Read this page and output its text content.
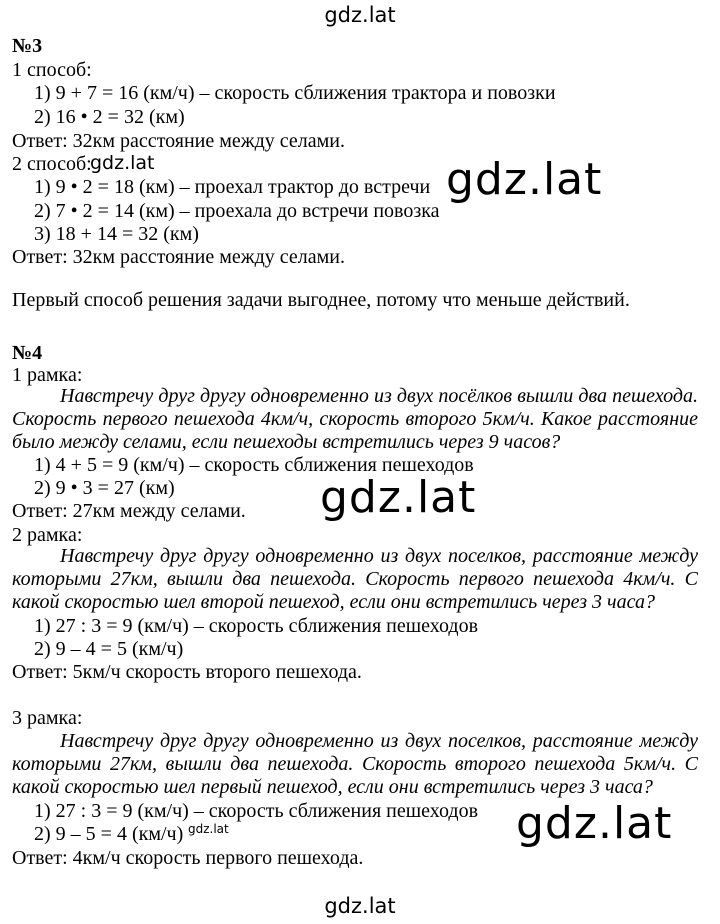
gdz.lat
№3
1 способ:
1) 9 + 7 = 16 (км/ч) – скорость сближения трактора и повозки
2) 16 • 2 = 32 (км)
Ответ: 32км расстояние между селами.
2 способ:
1) 9 • 2 = 18 (км) – проехал трактор до встречи
2) 7 • 2 = 14 (км) – проехала до встречи повозка
3) 18 + 14 = 32 (км)
Ответ: 32км расстояние между селами.
Первый способ решения задачи выгоднее, потому что меньше действий.
№4
1 рамка:
Навстречу друг другу одновременно из двух посёлков вышли два пешехода. Скорость первого пешехода 4км/ч, скорость второго 5км/ч. Какое расстояние было между селами, если пешеходы встретились через 9 часов?
1) 4 + 5 = 9 (км/ч) – скорость сближения пешеходов
2) 9 • 3 = 27 (км)
Ответ: 27км между селами.
2 рамка:
Навстречу друг другу одновременно из двух поселков, расстояние между которыми 27км, вышли два пешехода. Скорость первого пешехода 4км/ч. С какой скоростью шел второй пешеход, если они встретились через 3 часа?
1) 27 : 3 = 9 (км/ч) – скорость сближения пешеходов
2) 9 – 4 = 5 (км/ч)
Ответ: 5км/ч скорость второго пешехода.
3 рамка:
Навстречу друг другу одновременно из двух поселков, расстояние между которыми 27км, вышли два пешехода. Скорость второго пешехода 5км/ч. С какой скоростью шел первый пешеход, если они встретились через 3 часа?
1) 27 : 3 = 9 (км/ч) – скорость сближения пешеходов
2) 9 – 5 = 4 (км/ч)
Ответ: 4км/ч скорость первого пешехода.
gdz.lat	gdz.lat
gdz.lat
gdz.lat
gdz.lat
gdz.lat
